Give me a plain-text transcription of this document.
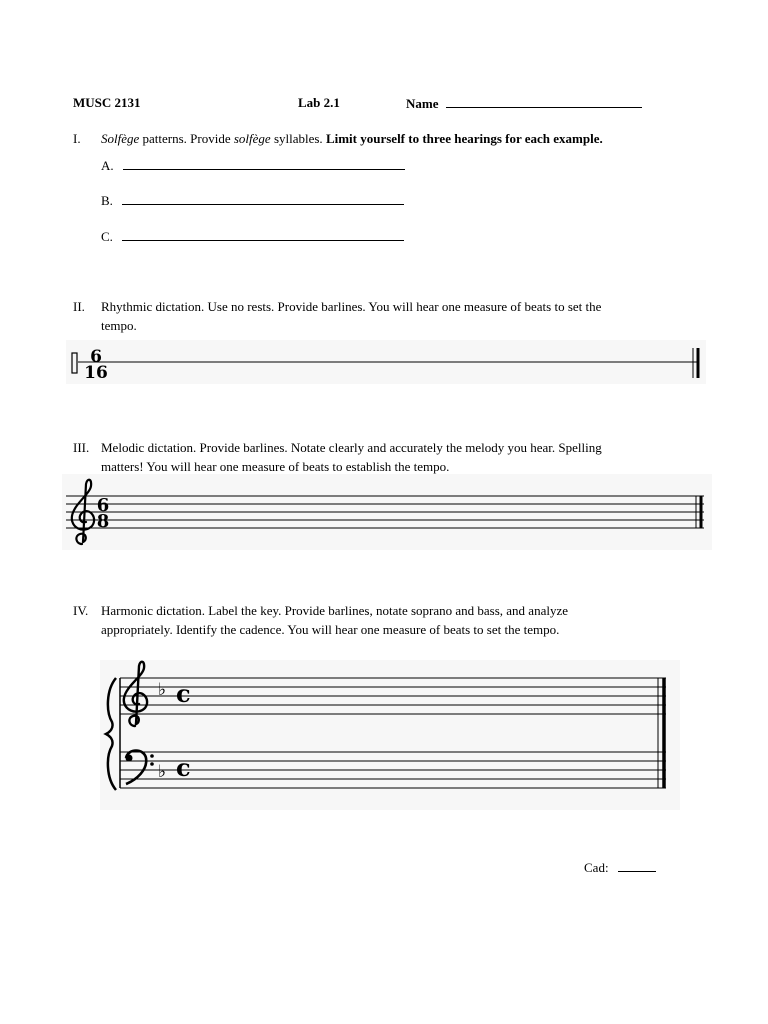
MUSC 2131	Lab 2.1	Name
I. Solfège patterns. Provide solfège syllables. Limit yourself to three hearings for each example.
A.
B.
C.
II. Rhythmic dictation. Use no rests. Provide barlines. You will hear one measure of beats to set the
tempo.
6
16
III. Melodic dictation. Provide barlines. Notate clearly and accurately the melody you hear. Spelling
matters! You will hear one measure of beats to establish the tempo.
6
8
IV. Harmonic dictation. Label the key. Provide barlines, notate soprano and bass, and analyze
appropriately. Identify the cadence. You will hear one measure of beats to set the tempo.
♭
♭
c
c
Cad:
